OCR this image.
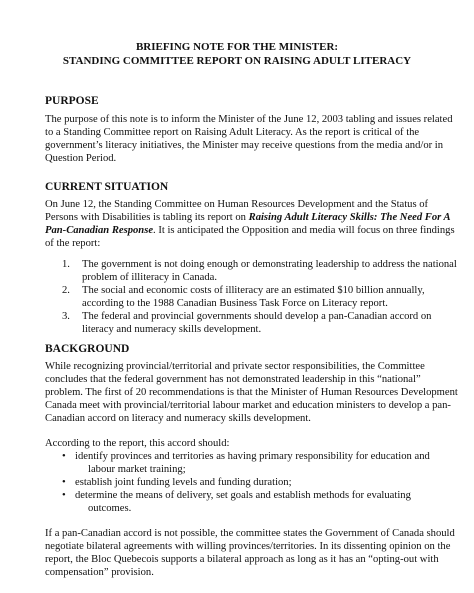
BRIEFING NOTE FOR THE MINISTER:
STANDING COMMITTEE REPORT ON RAISING ADULT LITERACY
PURPOSE
The purpose of this note is to inform the Minister of the June 12, 2003 tabling and issues related
to a Standing Committee report on Raising Adult Literacy. As the report is critical of the
government’s literacy initiatives, the Minister may receive questions from the media and/or in
Question Period.
CURRENT SITUATION
On June 12, the Standing Committee on Human Resources Development and the Status of
Persons with Disabilities is tabling its report on Raising Adult Literacy Skills: The Need For A
Pan-Canadian Response. It is anticipated the Opposition and media will focus on three findings
of the report:
1. The government is not doing enough or demonstrating leadership to address the national
problem of illiteracy in Canada.
2. The social and economic costs of illiteracy are an estimated $10 billion annually,
according to the 1988 Canadian Business Task Force on Literacy report.
3. The federal and provincial governments should develop a pan-Canadian accord on
literacy and numeracy skills development.
BACKGROUND
While recognizing provincial/territorial and private sector responsibilities, the Committee
concludes that the federal government has not demonstrated leadership in this “national”
problem. The first of 20 recommendations is that the Minister of Human Resources Development
Canada meet with provincial/territorial labour market and education ministers to develop a pan-
Canadian accord on literacy and numeracy skills development.
According to the report, this accord should:
• identify provinces and territories as having primary responsibility for education and
labour market training;
• establish joint funding levels and funding duration;
• determine the means of delivery, set goals and establish methods for evaluating
outcomes.
If a pan-Canadian accord is not possible, the committee states the Government of Canada should
negotiate bilateral agreements with willing provinces/territories. In its dissenting opinion on the
report, the Bloc Quebecois supports a bilateral approach as long as it has an “opting-out with
compensation” provision.
